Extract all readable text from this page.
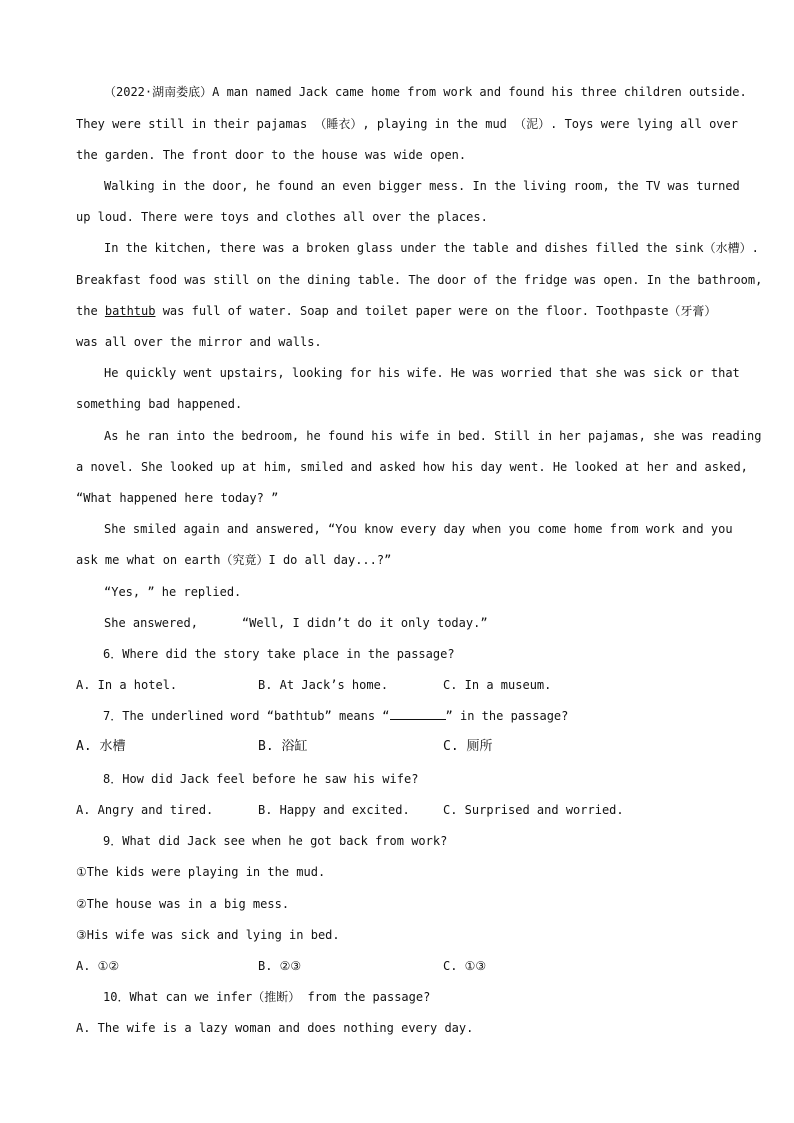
（2022·湖南娄底）A man named Jack came home from work and found his three children outside.
They were still in their pajamas （睡衣）, playing in the mud （泥）. Toys were lying all over
the garden. The front door to the house was wide open.
Walking in the door, he found an even bigger mess. In the living room, the TV was turned
up loud. There were toys and clothes all over the places.
In the kitchen, there was a broken glass under the table and dishes filled the sink（水槽）.
Breakfast food was still on the dining table. The door of the fridge was open. In the bathroom,
the bathtub was full of water. Soap and toilet paper were on the floor. Toothpaste（牙膏）
was all over the mirror and walls.
He quickly went upstairs, looking for his wife. He was worried that she was sick or that
something bad happened.
As he ran into the bedroom, he found his wife in bed. Still in her pajamas, she was reading
a novel. She looked up at him, smiled and asked how his day went. He looked at her and asked,
“What happened here today? ”
She smiled again and answered, “You know every day when you come home from work and you
ask me what on earth（究竟）I do all day...?”
“Yes, ” he replied.
She answered,	“Well, I didn’t do it only today.”
6．Where did the story take place in the passage?
A. In a hotel.	B. At Jack’s home.	C. In a museum.
7．The underlined word “bathtub” means “	” in the passage?
A. 水槽	B. 浴缸	C. 厕所
8．How did Jack feel before he saw his wife?
A. Angry and tired.	B. Happy and excited.	C. Surprised and worried.
9．What did Jack see when he got back from work?
①The kids were playing in the mud.
②The house was in a big mess.
③His wife was sick and lying in bed.
A. ①②	B. ②③	C. ①③
10．What can we infer（推断） from the passage?
A. The wife is a lazy woman and does nothing every day.
